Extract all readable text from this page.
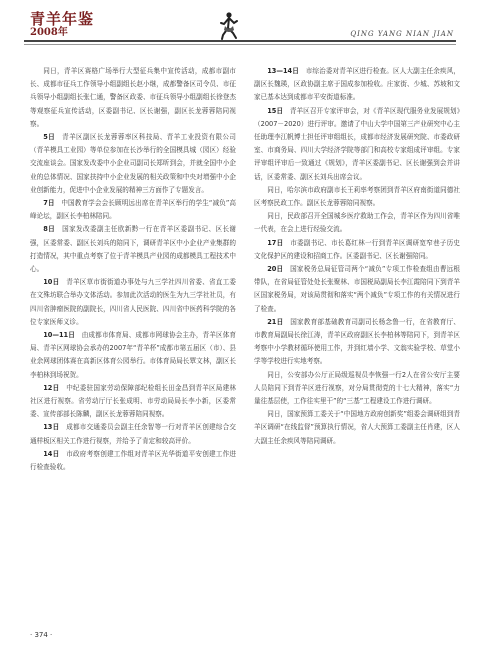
青羊年鉴
2008年	QING YANG NIAN JIAN

同日，青羊区赛格广场举行大型征兵集中宣传活动，成都市副市长、成都市征兵工作领导小组副组长赵小继，成都警备区司令员、市征兵领导小组副组长张仁通，警备区政委、市征兵领导小组副组长徐登杰等观察征兵宣传活动，区委副书记、区长谢强，副区长龙蓉蓉陪同视察。

5日　 青羊区副区长龙蓉蓉率区科技局、青羊工业投资有限公司（青羊模具工业园）等单位参加在长沙举行的全国模具城（园区）经验交流座谈会。国家发改委中小企业司副司长郑昕到会，并就全国中小企业的总体情况、国家扶持中小企业发展的相关政策和中央对增强中小企业创新能力，促进中小企业发展的精神三方面作了专题发言。

7日　 中国教育学会会长顾明远出席在青羊区举行的学生“减负”高峰论坛，副区长李柏林陪同。

8日　 国家发改委副主任欧新黔一行在青羊区委副书记、区长谢强，区委常委、副区长刘兵的陪同下，调研青羊区中小企业产业集群的打造情况，其中重点考察了位于青羊模具产业园的成都模具工程技术中心。

10日　 青羊区草市街街道办事处与九三学社四川省委、省直工委在文殊坊联合举办文体活动。参加此次活动的医生为九三学社社员，有四川省肿瘤医院的副院长，四川省人民医院、四川省中医药科学院的各位专家医师义诊。

10—11日　 由成都市体育局、成都市网球协会主办，青羊区体育局、青羊区网球协会承办的2007年“青羊杯”成都市第五届区（市）、县业余网球团体赛在高新区体育公园举行。市体育局局长覃文林，副区长李柏林到场祝贺。

12日　 中纪委驻国家劳动保障部纪检组长田金昌到青羊区局建林社区进行视察。省劳动厅厅长张成明、市劳动局局长李小新，区委常委、宣传部部长陈麟，副区长龙蓉蓉陪同视察。

13日　 成都市交通委员会副主任余智等一行对青羊区创建综合交通样板区相关工作进行视察，并给予了肯定和较高评价。

14日　 市政府考察创建工作组对青羊区光华街道平安创建工作进行检查验收。

13—14日　 市综治委对青羊区进行检查。区人大副主任余疾风，副区长魏瑛，区政协副主席于国成参加检收。庄家街、少城、苏坡和文家已基本达到成都市平安街道标准。

15日　 青羊区召开专家评审会，对《青羊区现代服务业发展规划》（2007－2020）进行评审。邀请了中山大学中国第三产业研究中心主任助理李江帆博士担任评审组组长，成都市经济发展研究院、市委政研室、市商务局、四川大学经济学院等部门和高校专家组成评审组。专家评审组评审后一致通过《规划》，青羊区委副书记、区长谢强到会并讲话，区委常委、副区长刘兵出席会议。

同日，哈尔滨市政府副市长王莉率考察团到青羊区府南街道同德社区考察民政工作。副区长龙蓉蓉陪同视察。

同日，民政部召开全国城乡医疗救助工作会，青羊区作为四川省唯一代表，在会上进行经验交流。

17日　 市委副书记、市长葛红林一行到青羊区调研宽窄巷子历史文化保护区的建设和招商工作。区委副书记、区长谢强陪同。

20日　 国家税务总局征管司两个“减负”专项工作检查组由曹远根带队，在省局征管处处长张聚林、市国税局副局长李江霞陪同下到青羊区国家税务局，对该局贯彻和落实“两个减负”专项工作的有关情况进行了检查。

21日　 国家教育部基础教育司副司长杨念鲁一行，在省教育厅、市教育局副局长徐江涛，青羊区政府副区长李柏林等陪同下，到青羊区考察中小学教材循环使用工作，并到红墙小学、文翁实验学校、草堂小学等学校进行实地考察。

同日，公安部办公厅正局级巡视员李恢强一行2人在省公安厅主要人员陪同下到青羊区进行视察，对分局贯彻党的十七大精神，落实“力量往基层使，工作往实里干”的“三基”工程建设工作进行调研。

同日，国家预算工委关于“中国地方政府创新奖”组委会调研组到青羊区调研“在线监督”预算执行情况，省人大预算工委副主任肖建，区人大副主任余疾风等陪同调研。

· 374 ·
